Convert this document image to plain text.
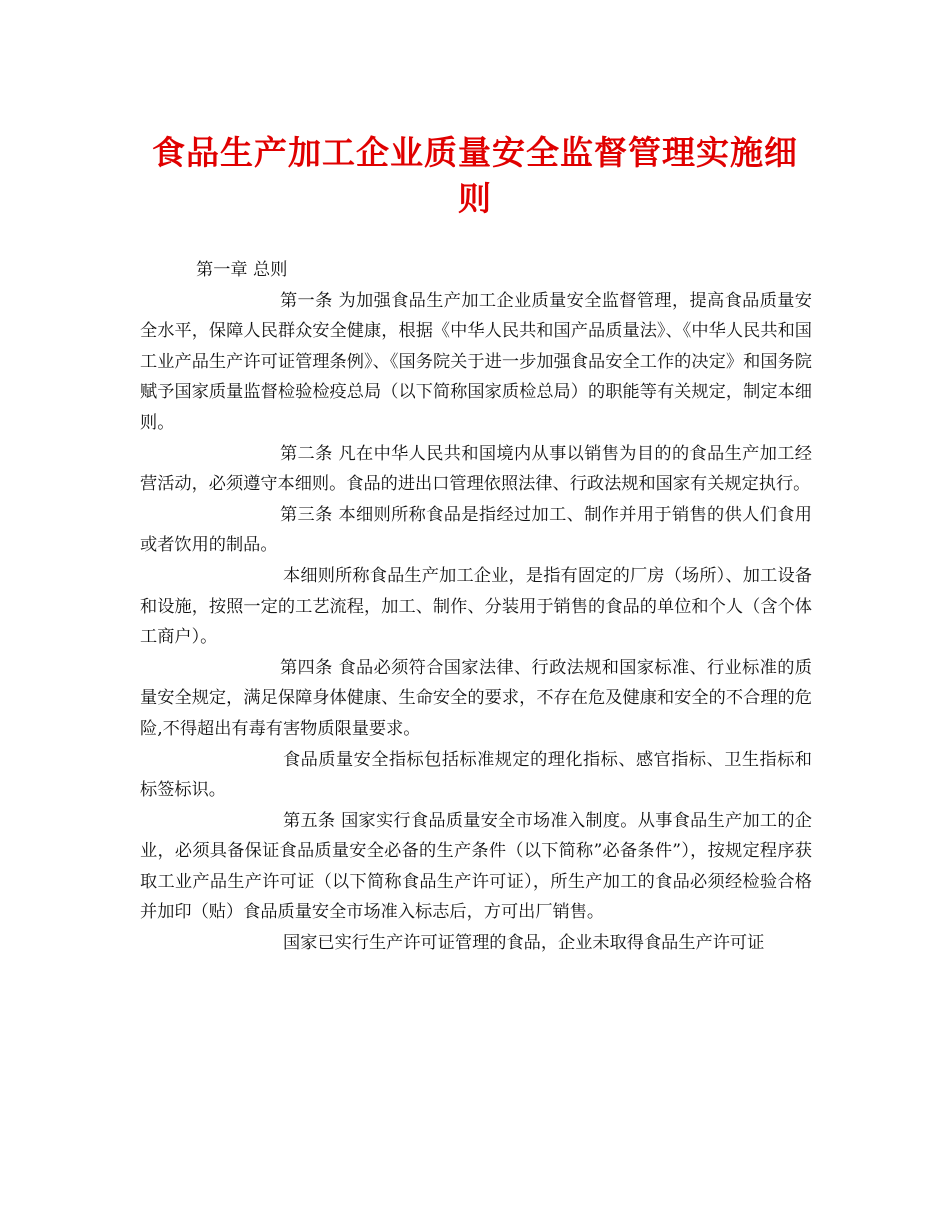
食品生产加工企业质量安全监督管理实施细则

第一章 总则

第一条 为加强食品生产加工企业质量安全监督管理，提高食品质量安全水平，保障人民群众安全健康，根据《中华人民共和国产品质量法》、《中华人民共和国工业产品生产许可证管理条例》、《国务院关于进一步加强食品安全工作的决定》和国务院赋予国家质量监督检验检疫总局（以下简称国家质检总局）的职能等有关规定，制定本细则。

第二条 凡在中华人民共和国境内从事以销售为目的的食品生产加工经营活动，必须遵守本细则。食品的进出口管理依照法律、行政法规和国家有关规定执行。

第三条 本细则所称食品是指经过加工、制作并用于销售的供人们食用或者饮用的制品。

本细则所称食品生产加工企业，是指有固定的厂房（场所）、加工设备和设施，按照一定的工艺流程，加工、制作、分装用于销售的食品的单位和个人（含个体工商户）。

第四条 食品必须符合国家法律、行政法规和国家标准、行业标准的质量安全规定，满足保障身体健康、生命安全的要求，不存在危及健康和安全的不合理的危险,不得超出有毒有害物质限量要求。

食品质量安全指标包括标准规定的理化指标、感官指标、卫生指标和标签标识。

第五条 国家实行食品质量安全市场准入制度。从事食品生产加工的企业，必须具备保证食品质量安全必备的生产条件（以下简称”必备条件”），按规定程序获取工业产品生产许可证（以下简称食品生产许可证），所生产加工的食品必须经检验合格并加印（贴）食品质量安全市场准入标志后，方可出厂销售。

国家已实行生产许可证管理的食品，企业未取得食品生产许可证
